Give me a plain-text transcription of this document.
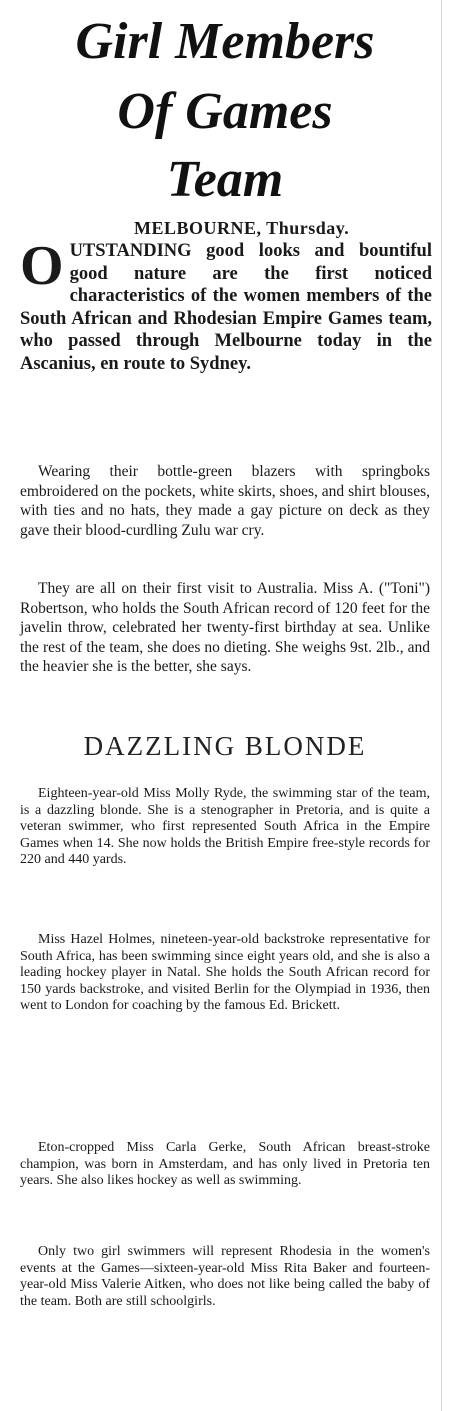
Girl Members
Of Games
Team
MELBOURNE, Thursday.

OUTSTANDING good looks and bountiful good nature are the first noticed characteristics of the women members of the South African and Rhodesian Empire Games team, who passed through Melbourne today in the Ascanius, en route to Sydney.

Wearing their bottle-green blazers with springboks embroidered on the pockets, white skirts, shoes, and shirt blouses, with ties and no hats, they made a gay picture on deck as they gave their blood-curdling Zulu war cry.

They are all on their first visit to Australia. Miss A. ("Toni") Robertson, who holds the South African record of 120 feet for the javelin throw, celebrated her twenty-first birthday at sea. Unlike the rest of the team, she does no dieting. She weighs 9st. 2lb., and the heavier she is the better, she says.

DAZZLING BLONDE

Eighteen-year-old Miss Molly Ryde, the swimming star of the team, is a dazzling blonde. She is a stenographer in Pretoria, and is quite a veteran swimmer, who first represented South Africa in the Empire Games when 14. She now holds the British Empire free-style records for 220 and 440 yards.

Miss Hazel Holmes, nineteen-year-old backstroke representative for South Africa, has been swimming since eight years old, and she is also a leading hockey player in Natal. She holds the South African record for 150 yards backstroke, and visited Berlin for the Olympiad in 1936, then went to London for coaching by the famous Ed. Brickett.

Eton-cropped Miss Carla Gerke, South African breast-stroke champion, was born in Amsterdam, and has only lived in Pretoria ten years. She also likes hockey as well as swimming.

Only two girl swimmers will represent Rhodesia in the women's events at the Games—sixteen-year-old Miss Rita Baker and fourteen-year-old Miss Valerie Aitken, who does not like being called the baby of the team. Both are still schoolgirls.
